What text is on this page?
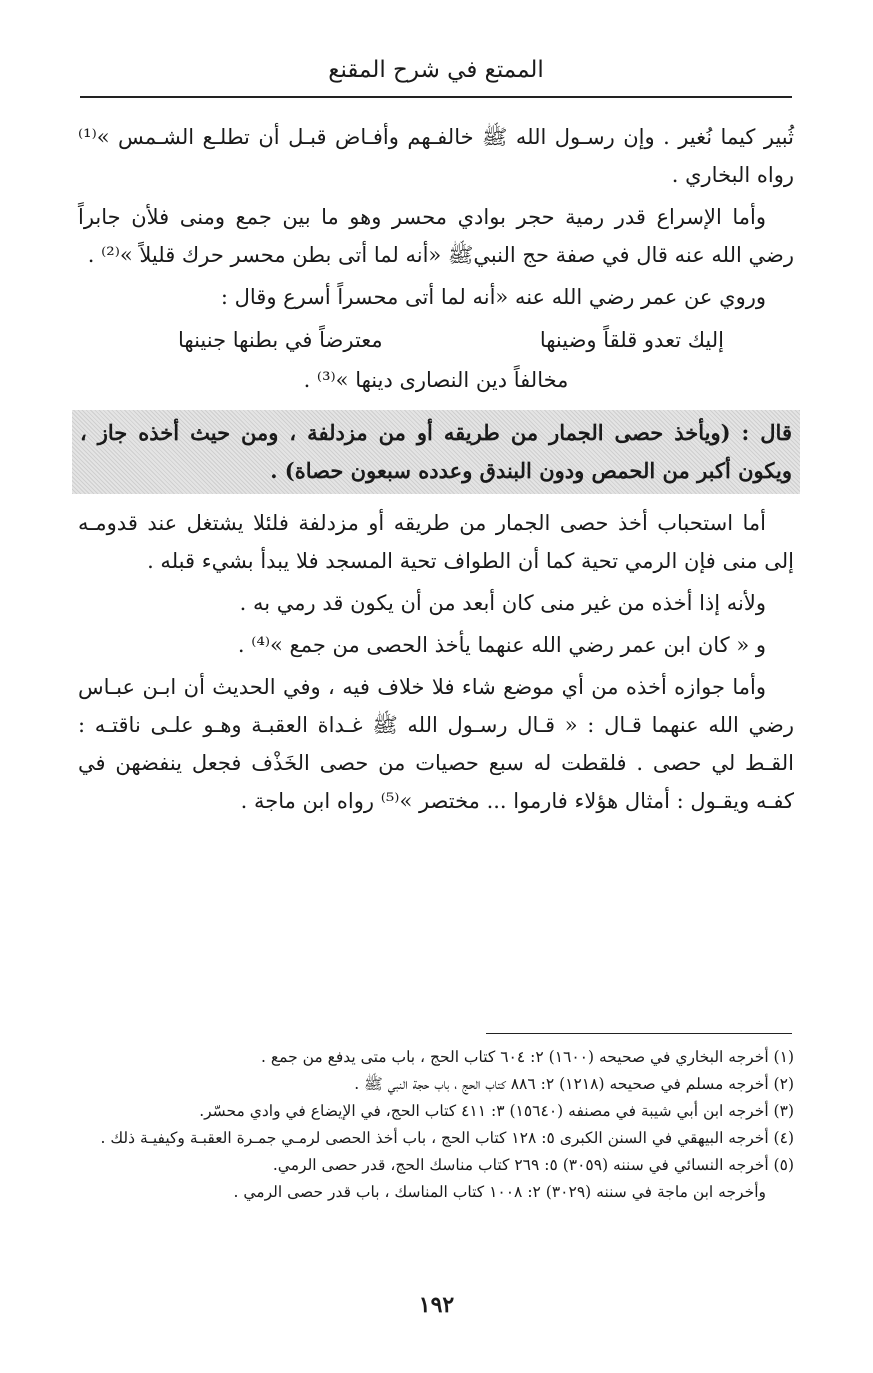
الممتع في شرح المقنع

ثُبير كيما نُغير . وإن رسـول الله ﷺ خالفـهم وأفـاض قبـل أن تطلـع الشـمس »⁽¹⁾ رواه البخاري .

وأما الإسراع قدر رمية حجر بوادي محسر وهو ما بين جمع ومنى فلأن جابراً رضي الله عنه قال في صفة حج النبيﷺ «أنه لما أتى بطن محسر حرك قليلاً »⁽²⁾ .

وروي عن عمر رضي الله عنه «أنه لما أتى محسراً أسرع وقال :

إليك تعدو قلقاً وضينها
معترضاً في بطنها جنينها
مخالفاً دين النصارى دينها »⁽³⁾ .
قال : (ويأخذ حصى الجمار من طريقه أو من مزدلفة ، ومن حيث أخذه جاز ، ويكون أكبر من الحمص ودون البندق وعدده سبعون حصاة) .

أما استحباب أخذ حصى الجمار من طريقه أو مزدلفة فلئلا يشتغل عند قدومـه إلى منى فإن الرمي تحية كما أن الطواف تحية المسجد فلا يبدأ بشيء قبله .

ولأنه إذا أخذه من غير منى كان أبعد من أن يكون قد رمي به .

و « كان ابن عمر رضي الله عنهما يأخذ الحصى من جمع »⁽⁴⁾ .

وأما جوازه أخذه من أي موضع شاء فلا خلاف فيه ، وفي الحديث أن ابـن عبـاس رضي الله عنهما قـال : « قـال رسـول الله ﷺ غـداة العقبـة وهـو علـى ناقتـه : القـط لي حصى . فلقطت له سبع حصيات من حصى الخَذْف فجعل ينفضهن في كفـه ويقـول : أمثال هؤلاء فارموا ... مختصر »⁽⁵⁾ رواه ابن ماجة .

(١) أخرجه البخاري في صحيحه (١٦٠٠) ٢: ٦٠٤ كتاب الحج ، باب متى يدفع من جمع .

(٢) أخرجه مسلم في صحيحه (١٢١٨) ٢: ٨٨٦ كتاب الحج ، باب حجة النبي ﷺ .

(٣) أخرجه ابن أبي شيبة في مصنفه (١٥٦٤٠) ٣: ٤١١ كتاب الحج، في الإيضاع في وادي محسّر.

(٤) أخرجه البيهقي في السنن الكبرى ٥: ١٢٨ كتاب الحج ، باب أخذ الحصى لرمـي جمـرة العقبـة وكيفيـة ذلك .

(٥) أخرجه النسائي في سننه (٣٠٥٩) ٥: ٢٦٩ كتاب مناسك الحج، قدر حصى الرمي.

وأخرجه ابن ماجة في سننه (٣٠٢٩) ٢: ١٠٠٨ كتاب المناسك ، باب قدر حصى الرمي .

١٩٢
